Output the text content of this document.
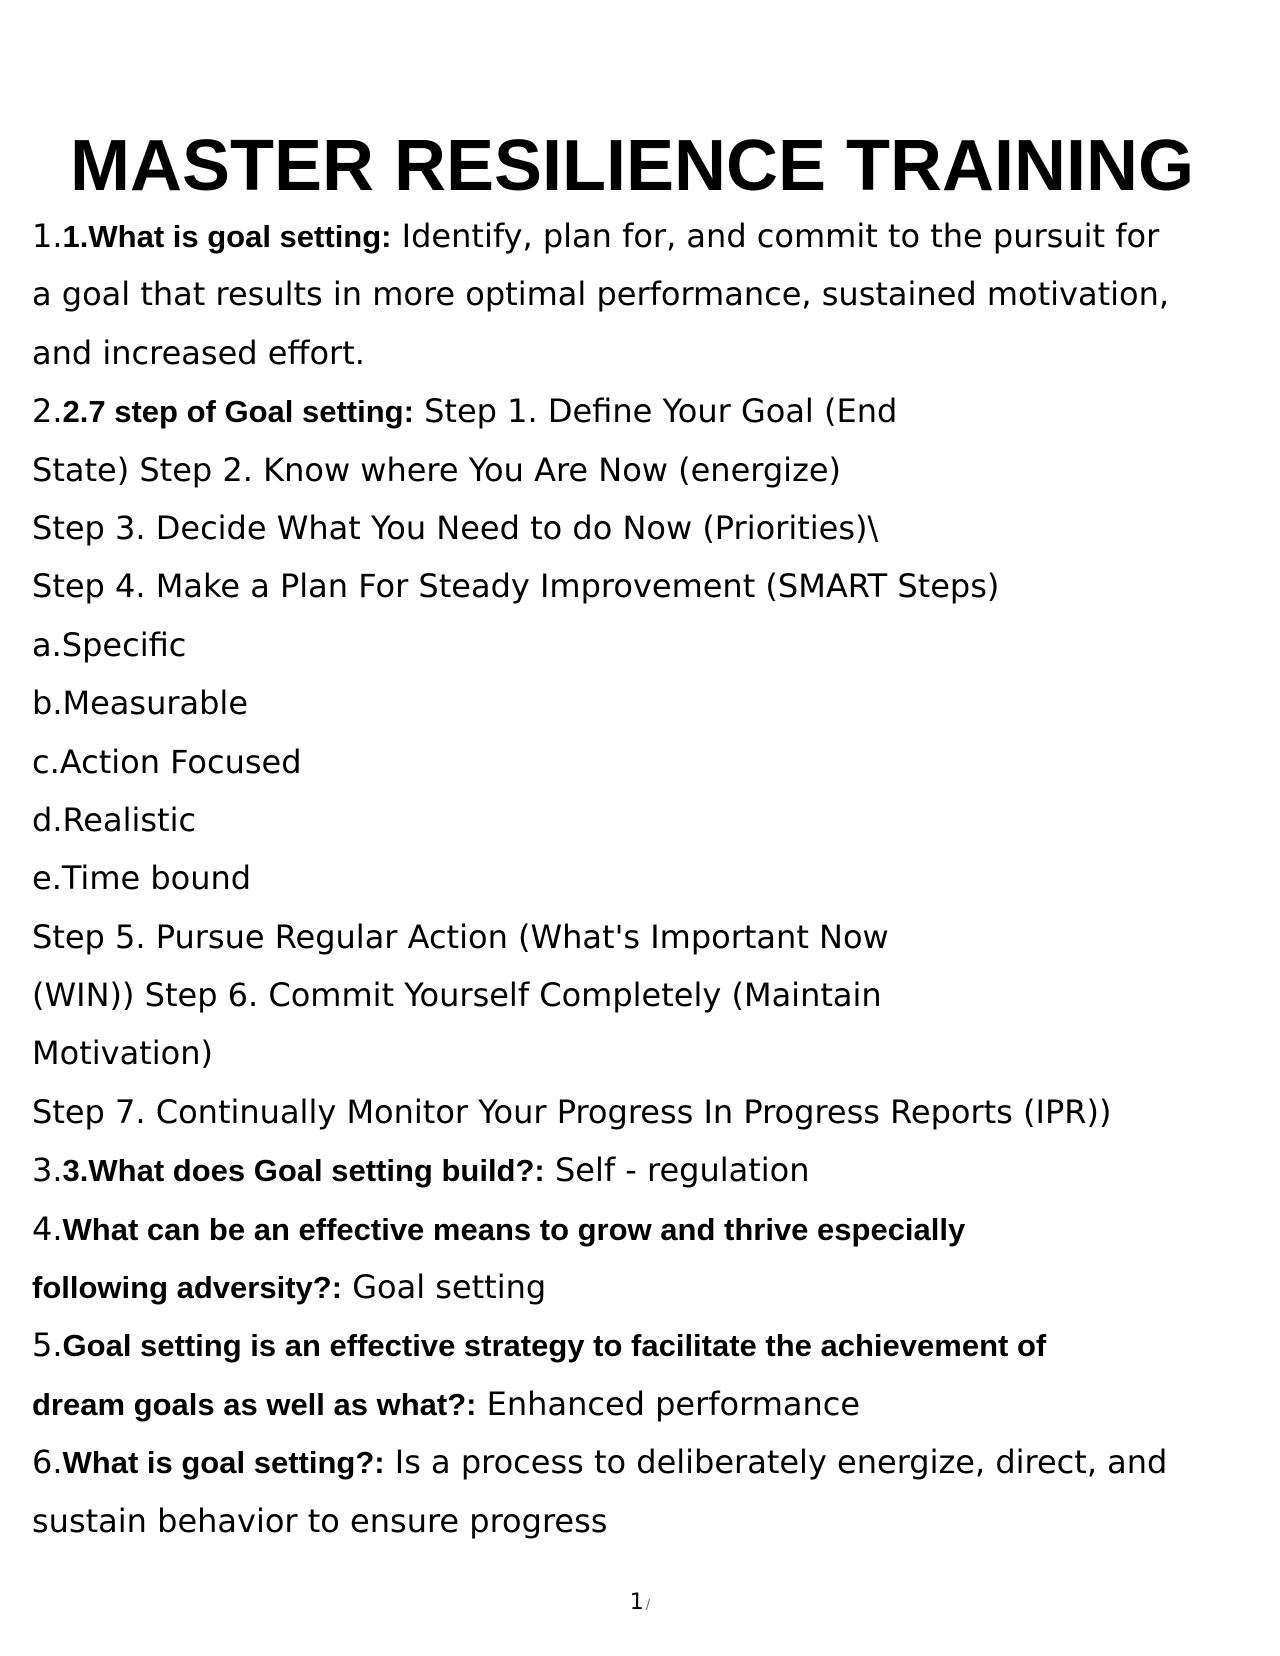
MASTER RESILIENCE TRAINING
1.1.What is goal setting: Identify, plan for, and commit to the pursuit for
a goal that results in more optimal performance, sustained motivation,
and increased effort.
2.2.7 step of Goal setting: Step 1. Define Your Goal (End
State) Step 2. Know where You Are Now (energize)
Step 3. Decide What You Need to do Now (Priorities)\
Step 4. Make a Plan For Steady Improvement (SMART Steps)
a.Specific
b.Measurable
c.Action Focused
d.Realistic
e.Time bound
Step 5. Pursue Regular Action (What's Important Now
(WIN)) Step 6. Commit Yourself Completely (Maintain
Motivation)
Step 7. Continually Monitor Your Progress In Progress Reports (IPR))
3.3.What does Goal setting build?: Self - regulation
4.What can be an effective means to grow and thrive especially
following adversity?: Goal setting
5.Goal setting is an effective strategy to facilitate the achievement of
dream goals as well as what?: Enhanced performance
6.What is goal setting?: Is a process to deliberately energize, direct, and
sustain behavior to ensure progress
1 /
